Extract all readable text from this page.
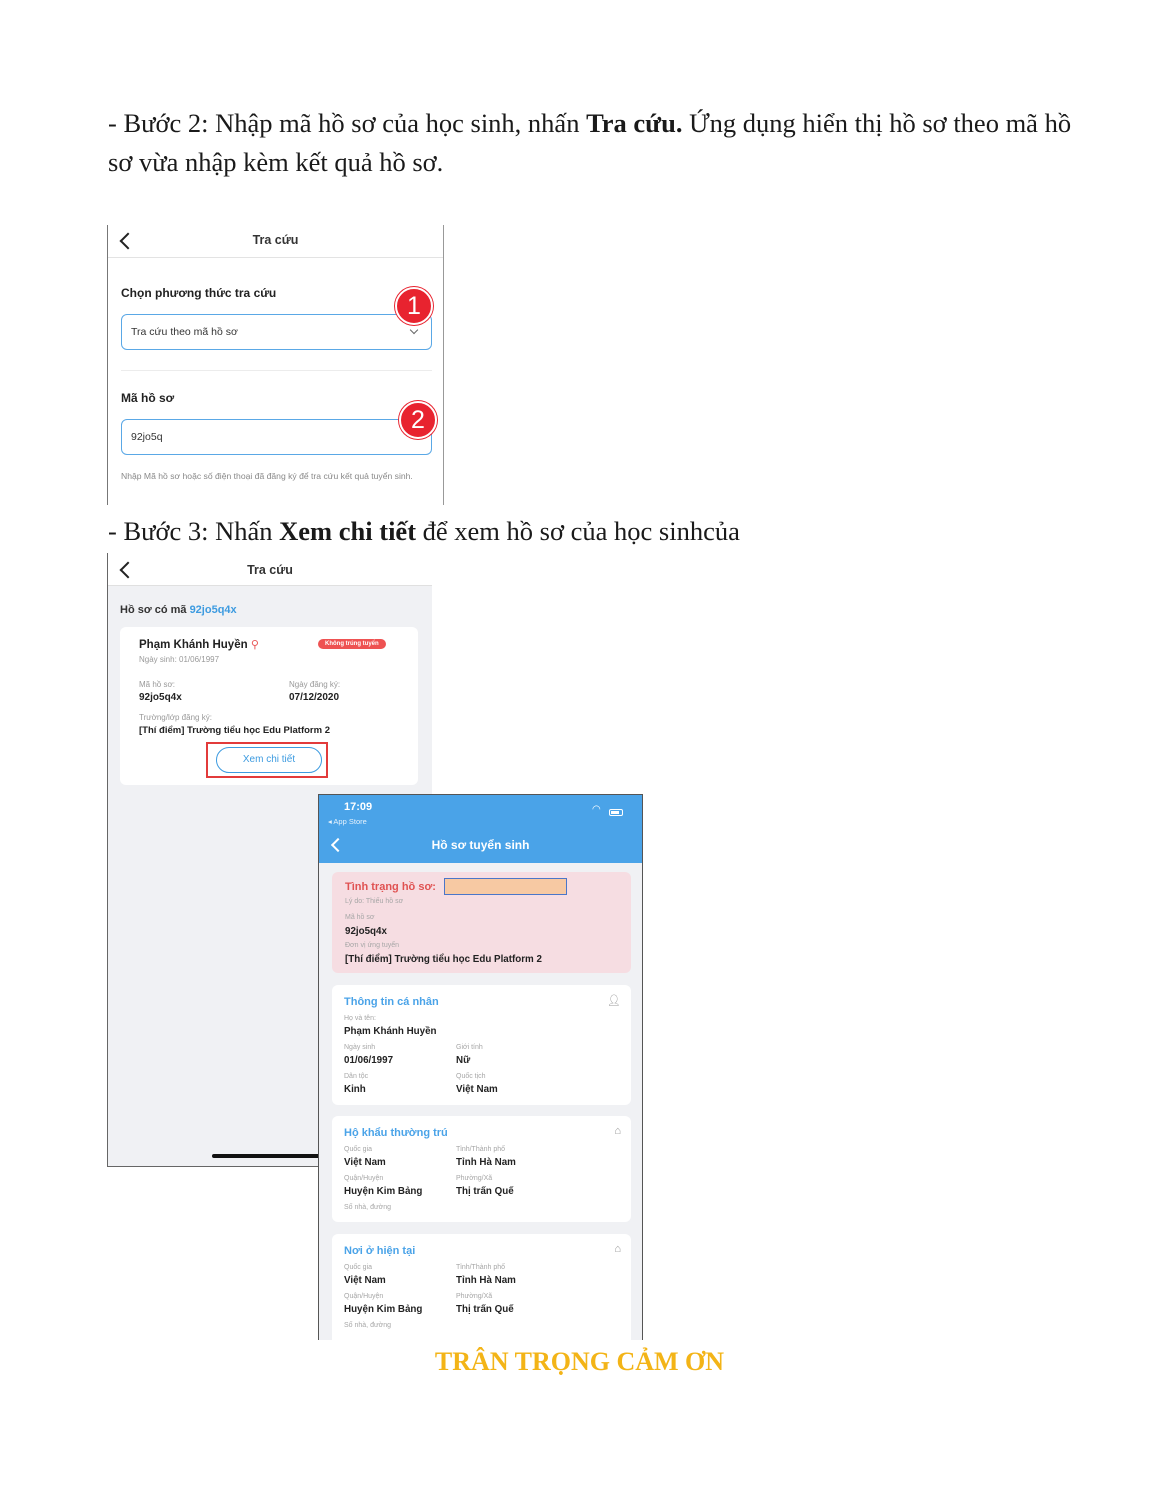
- Bước 2: Nhập mã hồ sơ của học sinh, nhấn Tra cứu. Ứng dụng hiển thị hồ sơ theo mã hồ
sơ vừa nhập kèm kết quả hồ sơ.
Tra cứu
Chọn phương thức tra cứu
Tra cứu theo mã hồ sơ
Mã hồ sơ
92jo5q
Nhập Mã hồ sơ hoặc số điện thoại đã đăng ký để tra cứu kết quả tuyển sinh.
1
2
- Bước 3: Nhấn Xem chi tiết để xem hồ sơ của học sinhcủa
Tra cứu
Hồ sơ có mã 92jo5q4x
Phạm Khánh Huyền ⚲	Không trúng tuyển
Ngày sinh: 01/06/1997
Mã hồ sơ:
92jo5q4x
Ngày đăng ký:
07/12/2020
Trường/lớp đăng ký:
[Thí điểm] Trường tiểu học Edu Platform 2
Xem chi tiết
17:09
◂ App Store
◠
Hồ sơ tuyển sinh
Tình trạng hồ sơ:
Lý do: Thiếu hồ sơ
Mã hồ sơ
92jo5q4x
Đơn vị ứng tuyển
[Thí điểm] Trường tiểu học Edu Platform 2
Thông tin cá nhân	👤︎
Họ và tên:
Phạm Khánh Huyền
Ngày sinh
01/06/1997
Giới tính
Nữ
Dân tộc
Kinh
Quốc tịch
Việt Nam
Hộ khẩu thường trú	⌂
Quốc gia
Việt Nam
Tỉnh/Thành phố
Tỉnh Hà Nam
Quận/Huyện
Huyện Kim Bảng
Phường/Xã
Thị trấn Quế
Số nhà, đường
Nơi ở hiện tại	⌂
Quốc gia
Việt Nam
Tỉnh/Thành phố
Tỉnh Hà Nam
Quận/Huyện
Huyện Kim Bảng
Phường/Xã
Thị trấn Quế
Số nhà, đường
TRÂN TRỌNG CẢM ƠN
